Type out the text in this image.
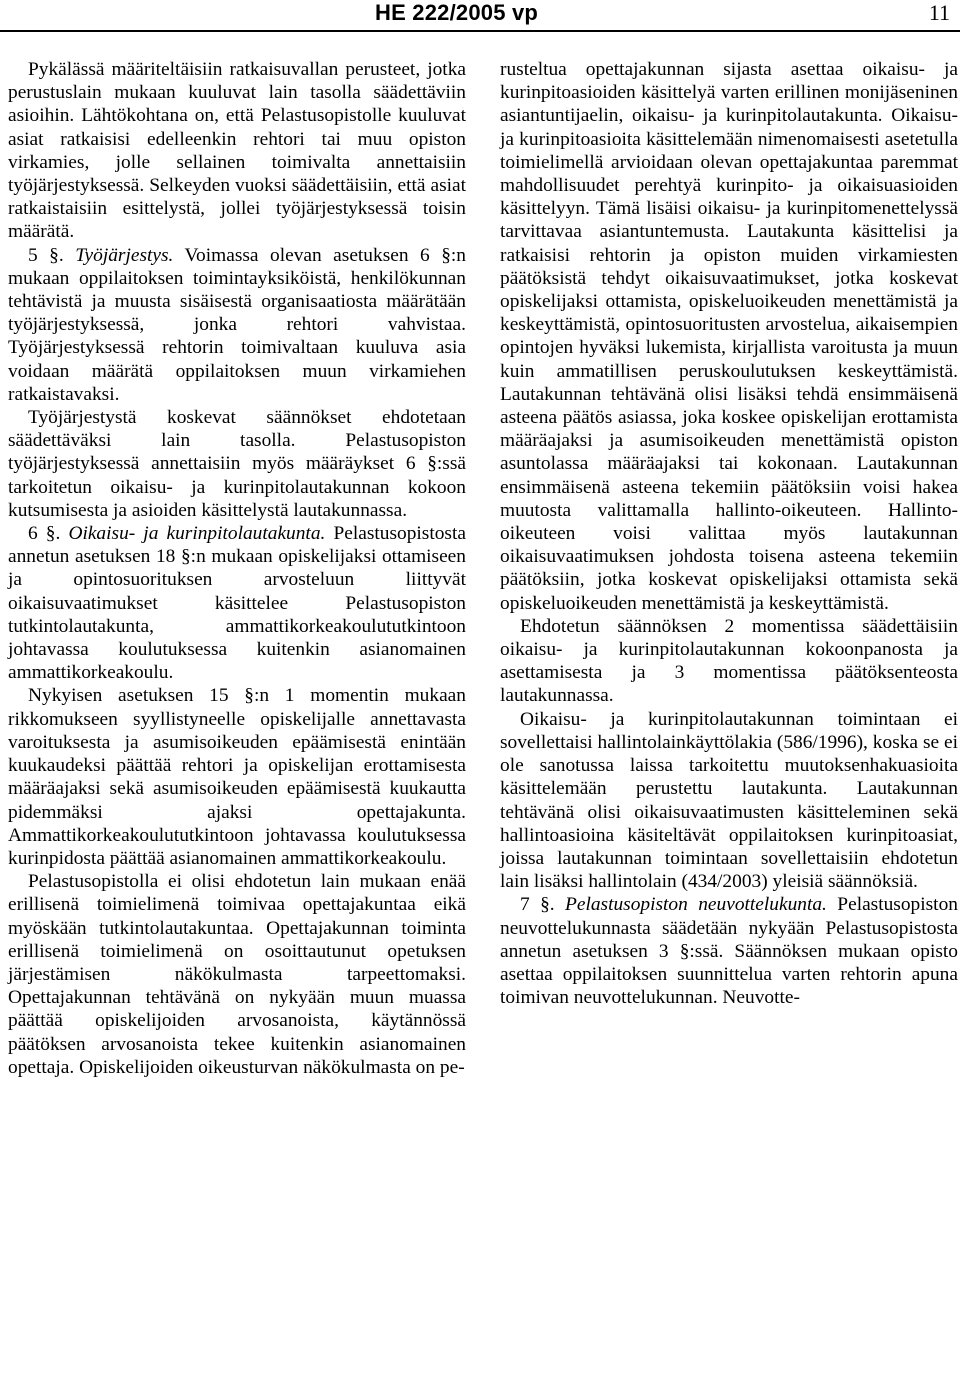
HE 222/2005 vp	11

Pykälässä määriteltäisiin ratkaisuvallan perusteet, jotka perustuslain mukaan kuuluvat lain tasolla säädettäviin asioihin. Lähtökohtana on, että Pelastusopistolle kuuluvat asiat ratkaisisi edelleenkin rehtori tai muu opiston virkamies, jolle sellainen toimivalta annettaisiin työjärjestyksessä. Selkeyden vuoksi säädettäisiin, että asiat ratkaistaisiin esittelystä, jollei työjärjestyksessä toisin määrätä.

5 §. Työjärjestys. Voimassa olevan asetuksen 6 §:n mukaan oppilaitoksen toimintayksiköistä, henkilökunnan tehtävistä ja muusta sisäisestä organisaatiosta määrätään työjärjestyksessä, jonka rehtori vahvistaa. Työjärjestyksessä rehtorin toimivaltaan kuuluva asia voidaan määrätä oppilaitoksen muun virkamiehen ratkaistavaksi.

Työjärjestystä koskevat säännökset ehdotetaan säädettäväksi lain tasolla. Pelastusopiston työjärjestyksessä annettaisiin myös määräykset 6 §:ssä tarkoitetun oikaisu- ja kurinpitolautakunnan kokoon kutsumisesta ja asioiden käsittelystä lautakunnassa.

6 §. Oikaisu- ja kurinpitolautakunta. Pelastusopistosta annetun asetuksen 18 §:n mukaan opiskelijaksi ottamiseen ja opintosuorituksen arvosteluun liittyvät oikaisuvaatimukset käsittelee Pelastusopiston tutkintolautakunta, ammattikorkeakoulututkintoon johtavassa koulutuksessa kuitenkin asianomainen ammattikorkeakoulu.

Nykyisen asetuksen 15 §:n 1 momentin mukaan rikkomukseen syyllistyneelle opiskelijalle annettavasta varoituksesta ja asumisoikeuden epäämisestä enintään kuukaudeksi päättää rehtori ja opiskelijan erottamisesta määräajaksi sekä asumisoikeuden epäämisestä kuukautta pidemmäksi ajaksi opettajakunta. Ammattikorkeakoulututkintoon johtavassa koulutuksessa kurinpidosta päättää asianomainen ammattikorkeakoulu.

Pelastusopistolla ei olisi ehdotetun lain mukaan enää erillisenä toimielimenä toimivaa opettajakuntaa eikä myöskään tutkintolautakuntaa. Opettajakunnan toiminta erillisenä toimielimenä on osoittautunut opetuksen järjestämisen näkökulmasta tarpeettomaksi. Opettajakunnan tehtävänä on nykyään muun muassa päättää opiskelijoiden arvosanoista, käytännössä päätöksen arvosanoista tekee kuitenkin asianomainen opettaja. Opiskelijoiden oikeusturvan näkökulmasta on pe-

rusteltua opettajakunnan sijasta asettaa oikaisu- ja kurinpitoasioiden käsittelyä varten erillinen monijäseninen asiantuntijaelin, oikaisu- ja kurinpitolautakunta. Oikaisu- ja kurinpitoasioita käsittelemään nimenomaisesti asetetulla toimielimellä arvioidaan olevan opettajakuntaa paremmat mahdollisuudet perehtyä kurinpito- ja oikaisuasioiden käsittelyyn. Tämä lisäisi oikaisu- ja kurinpitomenettelyssä tarvittavaa asiantuntemusta. Lautakunta käsittelisi ja ratkaisisi rehtorin ja opiston muiden virkamiesten päätöksistä tehdyt oikaisuvaatimukset, jotka koskevat opiskelijaksi ottamista, opiskeluoikeuden menettämistä ja keskeyttämistä, opintosuoritusten arvostelua, aikaisempien opintojen hyväksi lukemista, kirjallista varoitusta ja muun kuin ammatillisen peruskoulutuksen keskeyttämistä. Lautakunnan tehtävänä olisi lisäksi tehdä ensimmäisenä asteena päätös asiassa, joka koskee opiskelijan erottamista määräajaksi ja asumisoikeuden menettämistä opiston asuntolassa määräajaksi tai kokonaan. Lautakunnan ensimmäisenä asteena tekemiin päätöksiin voisi hakea muutosta valittamalla hallinto-oikeuteen. Hallinto-oikeuteen voisi valittaa myös lautakunnan oikaisuvaatimuksen johdosta toisena asteena tekemiin päätöksiin, jotka koskevat opiskelijaksi ottamista sekä opiskeluoikeuden menettämistä ja keskeyttämistä.

Ehdotetun säännöksen 2 momentissa säädettäisiin oikaisu- ja kurinpitolautakunnan kokoonpanosta ja asettamisesta ja 3 momentissa päätöksenteosta lautakunnassa.

Oikaisu- ja kurinpitolautakunnan toimintaan ei sovellettaisi hallintolainkäyttölakia (586/1996), koska se ei ole sanotussa laissa tarkoitettu muutoksenhakuasioita käsittelemään perustettu lautakunta. Lautakunnan tehtävänä olisi oikaisuvaatimusten käsitteleminen sekä hallintoasioina käsiteltävät oppilaitoksen kurinpitoasiat, joissa lautakunnan toimintaan sovellettaisiin ehdotetun lain lisäksi hallintolain (434/2003) yleisiä säännöksiä.

7 §. Pelastusopiston neuvottelukunta. Pelastusopiston neuvottelukunnasta säädetään nykyään Pelastusopistosta annetun asetuksen 3 §:ssä. Säännöksen mukaan opisto asettaa oppilaitoksen suunnittelua varten rehtorin apuna toimivan neuvottelukunnan. Neuvotte-
